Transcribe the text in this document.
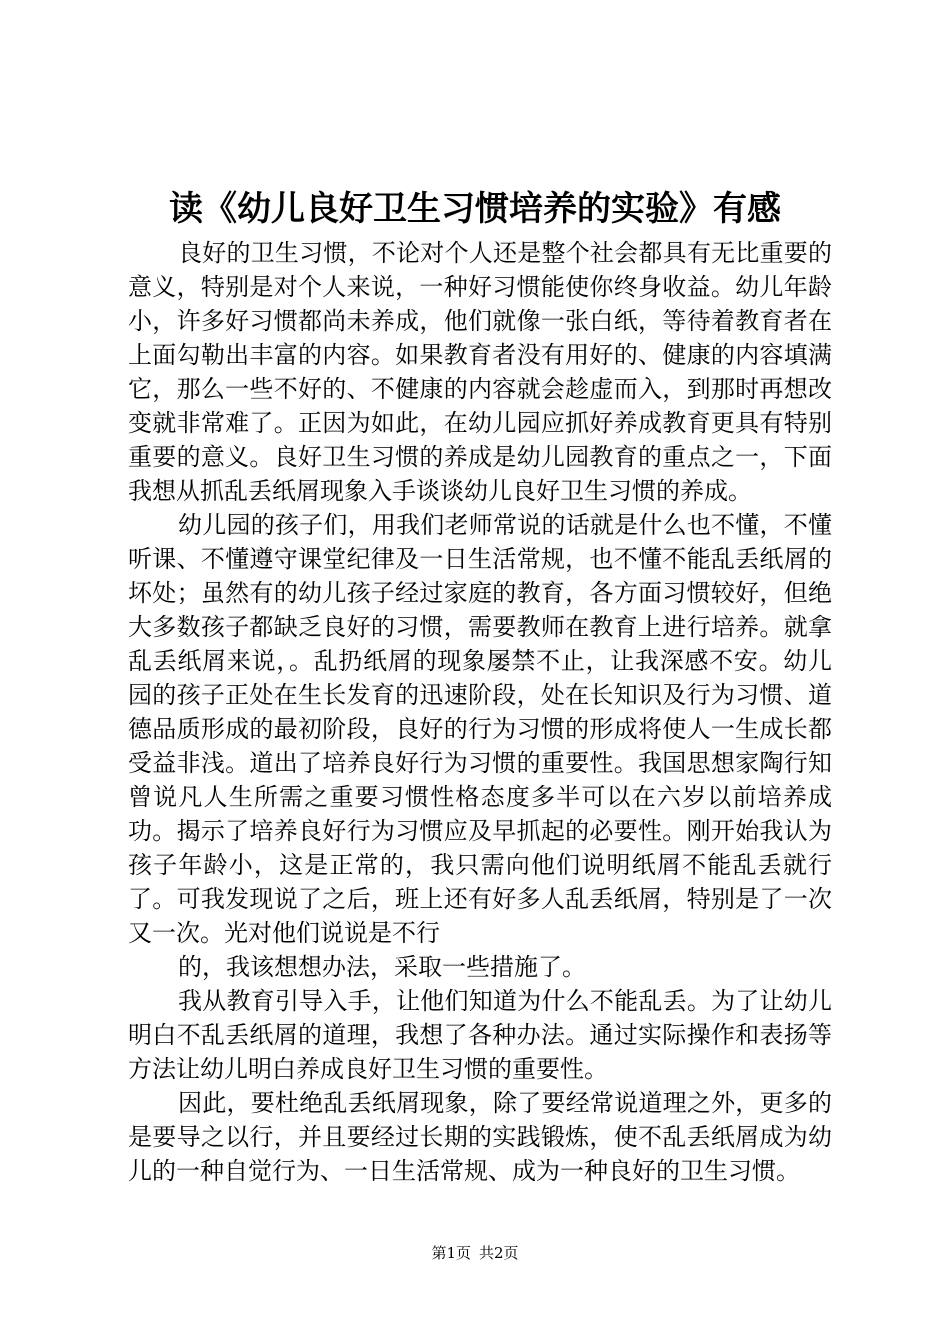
读《幼儿良好卫生习惯培养的实验》有感

良好的卫生习惯，不论对个人还是整个社会都具有无比重要的意义，特别是对个人来说，一种好习惯能使你终身收益。幼儿年龄小，许多好习惯都尚未养成，他们就像一张白纸，等待着教育者在上面勾勒出丰富的内容。如果教育者没有用好的、健康的内容填满它，那么一些不好的、不健康的内容就会趁虚而入，到那时再想改变就非常难了。正因为如此，在幼儿园应抓好养成教育更具有特别重要的意义。良好卫生习惯的养成是幼儿园教育的重点之一，下面我想从抓乱丢纸屑现象入手谈谈幼儿良好卫生习惯的养成。

幼儿园的孩子们，用我们老师常说的话就是什么也不懂，不懂听课、不懂遵守课堂纪律及一日生活常规，也不懂不能乱丢纸屑的坏处；虽然有的幼儿孩子经过家庭的教育，各方面习惯较好，但绝大多数孩子都缺乏良好的习惯，需要教师在教育上进行培养。就拿乱丢纸屑来说，。乱扔纸屑的现象屡禁不止，让我深感不安。幼儿园的孩子正处在生长发育的迅速阶段，处在长知识及行为习惯、道德品质形成的最初阶段，良好的行为习惯的形成将使人一生成长都受益非浅。道出了培养良好行为习惯的重要性。我国思想家陶行知曾说凡人生所需之重要习惯性格态度多半可以在六岁以前培养成功。揭示了培养良好行为习惯应及早抓起的必要性。刚开始我认为孩子年龄小，这是正常的，我只需向他们说明纸屑不能乱丢就行了。可我发现说了之后，班上还有好多人乱丢纸屑，特别是了一次又一次。光对他们说说是不行

的，我该想想办法，采取一些措施了。

我从教育引导入手，让他们知道为什么不能乱丢。为了让幼儿明白不乱丢纸屑的道理，我想了各种办法。通过实际操作和表扬等方法让幼儿明白养成良好卫生习惯的重要性。

因此，要杜绝乱丢纸屑现象，除了要经常说道理之外，更多的是要导之以行，并且要经过长期的实践锻炼，使不乱丢纸屑成为幼儿的一种自觉行为、一日生活常规、成为一种良好的卫生习惯。

第1页 共2页
